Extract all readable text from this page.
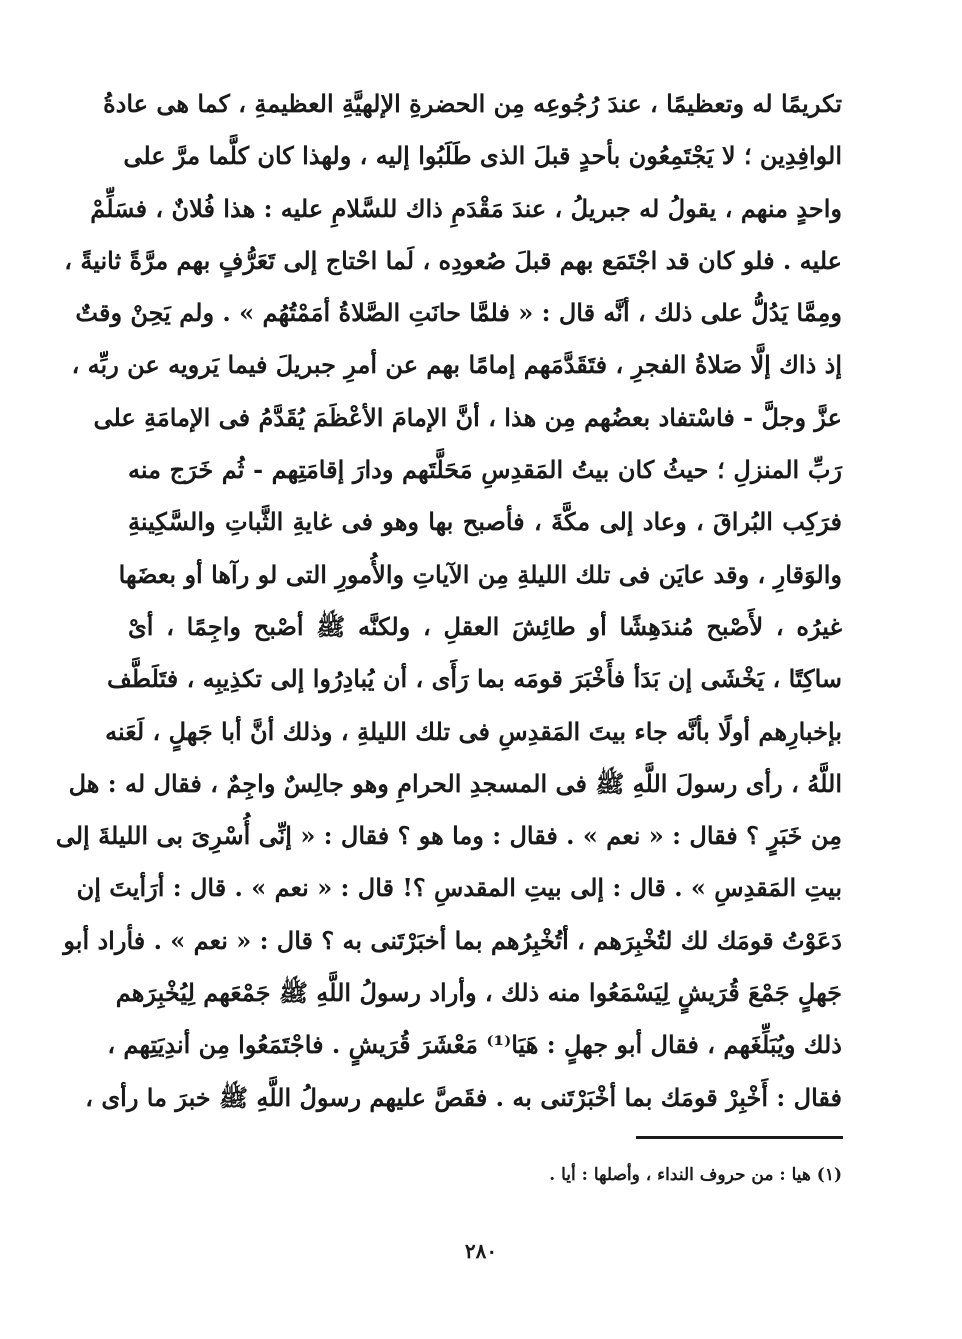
تكريمًا له وتعظيمًا ، عندَ رُجُوعِه مِن الحضرةِ الإلهيَّةِ العظيمةِ ، كما هى عادةُ
الوافِدِين ؛ لا يَجْتَمِعُون بأحدٍ قبلَ الذى طَلَبُوا إليه ، ولهذا كان كلَّما مرَّ على
واحدٍ منهم ، يقولُ له جبريلُ ، عندَ مَقْدَمِ ذاك للسَّلامِ عليه : هذا فُلانٌ ، فسَلِّمْ
عليه . فلو كان قد اجْتَمَع بهم قبلَ صُعودِه ، لَما احْتاج إلى تَعَرُّفٍ بهم مرَّةً ثانيةً ،
ومِمَّا يَدُلُّ على ذلك ، أنَّه قال : « فلمَّا حانَتِ الصَّلاةُ أمَمْتُهُم » . ولم يَحِنْ وقتٌ
إذ ذاك إلَّا صَلاةُ الفجرِ ، فتَقَدَّمَهم إمامًا بهم عن أمرِ جبريلَ فيما يَرويه عن ربِّه ،
عزَّ وجلَّ - فاسْتفاد بعضُهم مِن هذا ، أنَّ الإمامَ الأعْظَمَ يُقَدَّمُ فى الإمامَةِ على
رَبِّ المنزلِ ؛ حيثُ كان بيتُ المَقدِسِ مَحَلَّتَهم ودارَ إقامَتِهم - ثُم خَرَج منه
فرَكِب البُراقَ ، وعاد إلى مكَّةَ ، فأصبح بها وهو فى غايةِ الثَّباتِ والسَّكِينةِ
والوَقارِ ، وقد عايَن فى تلك الليلةِ مِن الآياتِ والأُمورِ التى لو رآها أو بعضَها
غيرُه ، لأَصْبح مُندَهِشًا أو طائِشَ العقلِ ، ولكنَّه ﷺ أصْبح واجِمًا ، أىْ
ساكِتًا ، يَخْشَى إن بَدَأ فأَخْبَرَ قومَه بما رَأَى ، أن يُبادِرُوا إلى تكذِيبِه ، فتَلَطَّف
بإخبارِهم أولًا بأنَّه جاء بيتَ المَقدِسِ فى تلك الليلةِ ، وذلك أنَّ أبا جَهلٍ ، لَعَنه
اللَّهُ ، رأى رسولَ اللَّهِ ﷺ فى المسجدِ الحرامِ وهو جالِسٌ واجِمٌ ، فقال له : هل
مِن خَبَرٍ ؟ فقال : « نعم » . فقال : وما هو ؟ فقال : « إنِّى أُسْرِىَ بى الليلةَ إلى
بيتِ المَقدِسِ » . قال : إلى بيتِ المقدسِ ؟! قال : « نعم » . قال : أرَأيتَ إن
دَعَوْتُ قومَك لك لتُخْبِرَهم ، أتُخْبِرُهم بما أخبَرْتَنى به ؟ قال : « نعم » . فأراد أبو
جَهلٍ جَمْعَ قُرَيشٍ لِيَسْمَعُوا منه ذلك ، وأراد رسولُ اللَّهِ ﷺ جَمْعَهم لِيُخْبِرَهم
ذلك ويُبَلِّغَهم ، فقال أبو جهلٍ : هَيَا⁽¹⁾ مَعْشَرَ قُرَيشٍ . فاجْتَمَعُوا مِن أندِيَتِهم ،
فقال : أَخْبِرْ قومَك بما أخْبَرْتَنى به . فقَصَّ عليهم رسولُ اللَّهِ ﷺ خبرَ ما رأى ،
(١) هيا : من حروف النداء ، وأصلها : أيا .
٢٨٠
